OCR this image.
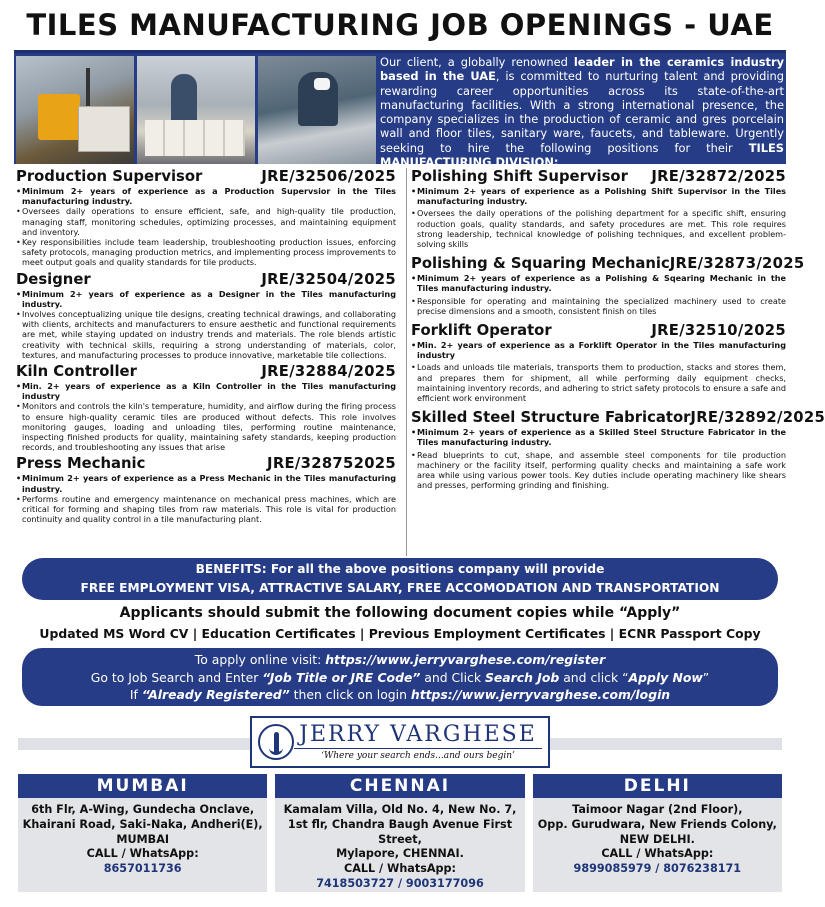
TILES MANUFACTURING JOB OPENINGS - UAE
Our client, a globally renowned leader in the ceramics industry based in the UAE, is committed to nurturing talent and providing rewarding career opportunities across its state-of-the-art manufacturing facilities. With a strong international presence, the company specializes in the production of ceramic and gres porcelain wall and floor tiles, sanitary ware, faucets, and tableware. Urgently seeking to hire the following positions for their TILES MANUFACTURING DIVISION:
Production Supervisor	JRE/32506/2025
• Minimum 2+ years of experience as a Production Supervsior in the Tiles manufacturing industry.
• Oversees daily operations to ensure efficient, safe, and high-quality tile production, managing staff, monitoring schedules, optimizing processes, and maintaining equipment and inventory.
• Key responsibilities include team leadership, troubleshooting production issues, enforcing safety protocols, managing production metrics, and implementing process improvements to meet output goals and quality standards for tile products.
Designer	JRE/32504/2025
• Minimum 2+ years of experience as a Designer in the Tiles manufacturing industry.
• Involves conceptualizing unique tile designs, creating technical drawings, and collaborating with clients, architects and manufacturers to ensure aesthetic and functional requirements are met, while staying updated on industry trends and materials. The role blends artistic creativity with technical skills, requiring a strong understanding of materials, color, textures, and manufacturing processes to produce innovative, marketable tile collections.
Kiln Controller	JRE/32884/2025
• Min. 2+ years of experience as a Kiln Controller in the Tiles manufacturing industry
• Monitors and controls the kiln's temperature, humidity, and airflow during the firing process to ensure high-quality ceramic tiles are produced without defects. This role involves monitoring gauges, loading and unloading tiles, performing routine maintenance, inspecting finished products for quality, maintaining safety standards, keeping production records, and troubleshooting any issues that arise
Press Mechanic	JRE/328752025
• Minimum 2+ years of experience as a Press Mechanic in the Tiles manufacturing industry.
• Performs routine and emergency maintenance on mechanical press machines, which are critical for forming and shaping tiles from raw materials. This role is vital for production continuity and quality control in a tile manufacturing plant.
Polishing Shift Supervisor JRE/32872/2025
• Minimum 2+ years of experience as a Polishing Shift Supervisor in the Tiles manufacturing industry.
• Oversees the daily operations of the polishing department for a specific shift, ensuring roduction goals, quality standards, and safety procedures are met. This role requires strong leadership, technical knowledge of polishing techniques, and excellent problem-solving skills
Polishing & Squaring Mechanic JRE/32873/2025
• Minimum 2+ years of experience as a Polishing & Sqearing Mechanic in the Tiles manufacturing industry.
• Responsible for operating and maintaining the specialized machinery used to create precise dimensions and a smooth, consistent finish on tiles
Forklift Operator	JRE/32510/2025
• Min. 2+ years of experience as a Forklift Operator in the Tiles manufacturing industry
• Loads and unloads tile materials, transports them to production, stacks and stores them, and prepares them for shipment, all while performing daily equipment checks, maintaining inventory records, and adhering to strict safety protocols to ensure a safe and efficient work environment
Skilled Steel Structure Fabricator JRE/32892/2025
• Minimum 2+ years of experience as a Skilled Steel Structure Fabricator in the Tiles manufacturing industry.
• Read blueprints to cut, shape, and assemble steel components for tile production machinery or the facility itself, performing quality checks and maintaining a safe work area while using various power tools. Key duties include operating machinery like shears and presses, performing grinding and finishing.
BENEFITS: For all the above positions company will provide
FREE EMPLOYMENT VISA, ATTRACTIVE SALARY, FREE ACCOMODATION AND TRANSPORTATION
Applicants should submit the following document copies while “Apply”
Updated MS Word CV | Education Certificates | Previous Employment Certificates | ECNR Passport Copy
To apply online visit: https://www.jerryvarghese.com/register
Go to Job Search and Enter “Job Title or JRE Code” and Click Search Job and click “Apply Now”
If “Already Registered” then click on login https://www.jerryvarghese.com/login
JERRY VARGHESE
‘Where your search ends...and ours begin’
MUMBAI
6th Flr, A-Wing, Gundecha Onclave,
Khairani Road, Saki-Naka, Andheri(E),
MUMBAI
CALL / WhatsApp:
8657011736
CHENNAI
Kamalam Villa, Old No. 4, New No. 7,
1st flr, Chandra Baugh Avenue First Street,
Mylapore, CHENNAI.
CALL / WhatsApp:
7418503727 / 9003177096
DELHI
Taimoor Nagar (2nd Floor),
Opp. Gurudwara, New Friends Colony,
NEW DELHI.
CALL / WhatsApp:
9899085979 / 8076238171
